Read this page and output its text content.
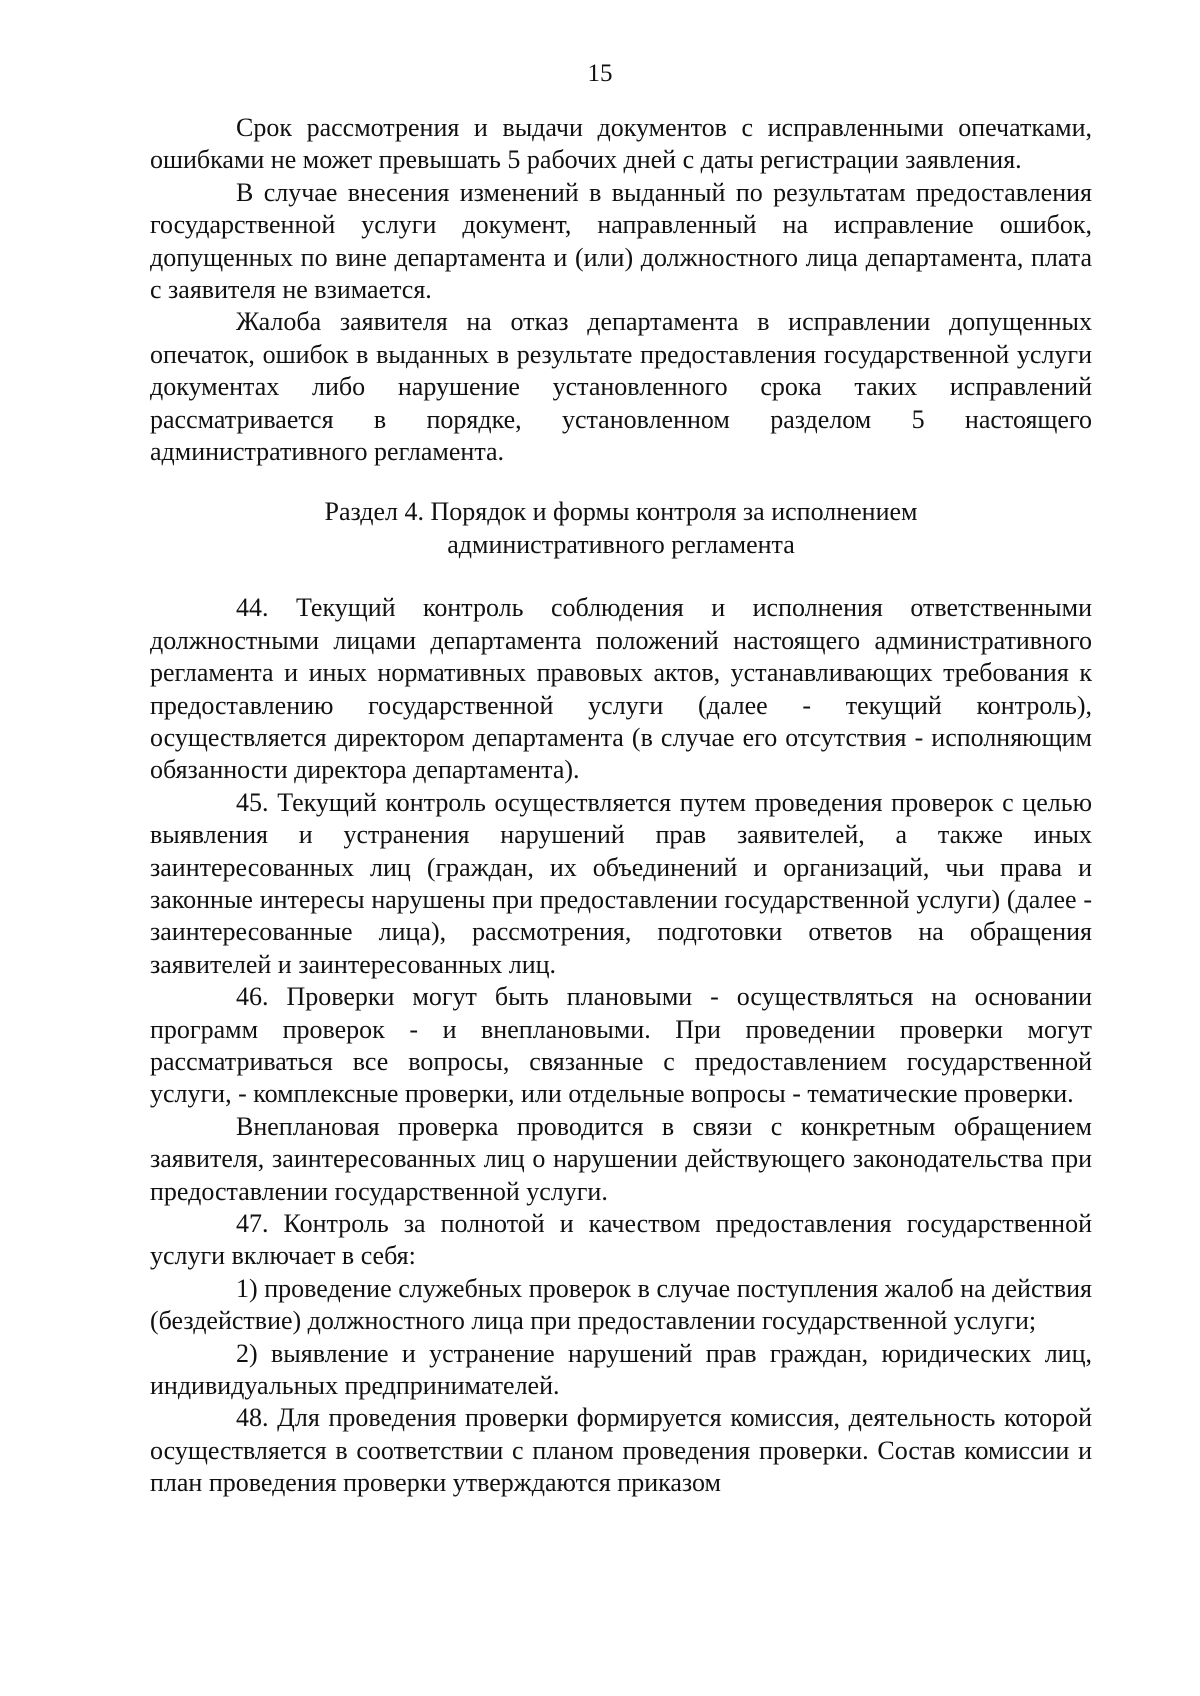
15

Срок рассмотрения и выдачи документов с исправленными опечатками, ошибками не может превышать 5 рабочих дней с даты регистрации заявления.

В случае внесения изменений в выданный по результатам предоставления государственной услуги документ, направленный на исправление ошибок, допущенных по вине департамента и (или) должностного лица департамента, плата с заявителя не взимается.

Жалоба заявителя на отказ департамента в исправлении допущенных опечаток, ошибок в выданных в результате предоставления государственной услуги документах либо нарушение установленного срока таких исправлений рассматривается в порядке, установленном разделом 5 настоящего административного регламента.

Раздел 4. Порядок и формы контроля за исполнением
административного регламента

44. Текущий контроль соблюдения и исполнения ответственными должностными лицами департамента положений настоящего административного регламента и иных нормативных правовых актов, устанавливающих требования к предоставлению государственной услуги (далее - текущий контроль), осуществляется директором департамента (в случае его отсутствия - исполняющим обязанности директора департамента).

45. Текущий контроль осуществляется путем проведения проверок с целью выявления и устранения нарушений прав заявителей, а также иных заинтересованных лиц (граждан, их объединений и организаций, чьи права и законные интересы нарушены при предоставлении государственной услуги) (далее - заинтересованные лица), рассмотрения, подготовки ответов на обращения заявителей и заинтересованных лиц.

46. Проверки могут быть плановыми - осуществляться на основании программ проверок - и внеплановыми. При проведении проверки могут рассматриваться все вопросы, связанные с предоставлением государственной услуги, - комплексные проверки, или отдельные вопросы - тематические проверки.

Внеплановая проверка проводится в связи с конкретным обращением заявителя, заинтересованных лиц о нарушении действующего законодательства при предоставлении государственной услуги.

47. Контроль за полнотой и качеством предоставления государственной услуги включает в себя:

1) проведение служебных проверок в случае поступления жалоб на действия (бездействие) должностного лица при предоставлении государственной услуги;

2) выявление и устранение нарушений прав граждан, юридических лиц, индивидуальных предпринимателей.

48. Для проведения проверки формируется комиссия, деятельность которой осуществляется в соответствии с планом проведения проверки. Состав комиссии и план проведения проверки утверждаются приказом
